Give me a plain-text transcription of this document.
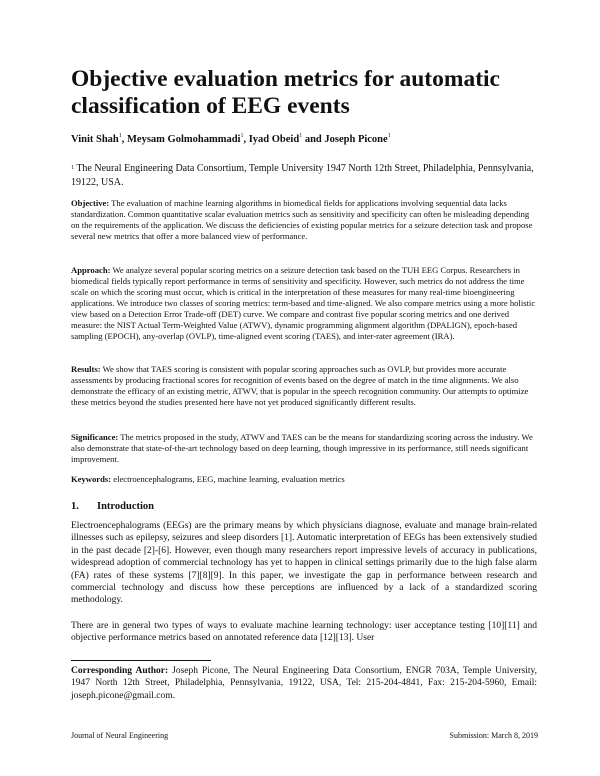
Objective evaluation metrics for automatic classification of EEG events
Vinit Shah$^1$, Meysam Golmohammadi$^1$, Iyad Obeid$^1$ and Joseph Picone$^1$
$^1$ The Neural Engineering Data Consortium, Temple University 1947 North 12th Street, Philadelphia, Pennsylvania, 19122, USA.

Objective: The evaluation of machine learning algorithms in biomedical fields for applications involving sequential data lacks standardization. Common quantitative scalar evaluation metrics such as sensitivity and specificity can often be misleading depending on the requirements of the application. We discuss the deficiencies of existing popular metrics for a seizure detection task and propose several new metrics that offer a more balanced view of performance.

Approach: We analyze several popular scoring metrics on a seizure detection task based on the TUH EEG Corpus. Researchers in biomedical fields typically report performance in terms of sensitivity and specificity. However, such metrics do not address the time scale on which the scoring must occur, which is critical in the interpretation of these measures for many real-time bioengineering applications. We introduce two classes of scoring metrics: term-based and time-aligned. We also compare metrics using a more holistic view based on a Detection Error Trade-off (DET) curve. We compare and contrast five popular scoring metrics and one derived measure: the NIST Actual Term-Weighted Value (ATWV), dynamic programming alignment algorithm (DPALIGN), epoch-based sampling (EPOCH), any-overlap (OVLP), time-aligned event scoring (TAES), and inter-rater agreement (IRA).

Results: We show that TAES scoring is consistent with popular scoring approaches such as OVLP, but provides more accurate assessments by producing fractional scores for recognition of events based on the degree of match in the time alignments. We also demonstrate the efficacy of an existing metric, ATWV, that is popular in the speech recognition community. Our attempts to optimize these metrics beyond the studies presented here have not yet produced significantly different results.

Significance: The metrics proposed in the study, ATWV and TAES can be the means for standardizing scoring across the industry. We also demonstrate that state-of-the-art technology based on deep learning, though impressive in its performance, still needs significant improvement.

Keywords: electroencephalograms, EEG, machine learning, evaluation metrics

1. Introduction

Electroencephalograms (EEGs) are the primary means by which physicians diagnose, evaluate and manage brain-related illnesses such as epilepsy, seizures and sleep disorders [1]. Automatic interpretation of EEGs has been extensively studied in the past decade [2]-[6]. However, even though many researchers report impressive levels of accuracy in publications, widespread adoption of commercial technology has yet to happen in clinical settings primarily due to the high false alarm (FA) rates of these systems [7][8][9]. In this paper, we investigate the gap in performance between research and commercial technology and discuss how these perceptions are influenced by a lack of a standardized scoring methodology.

There are in general two types of ways to evaluate machine learning technology: user acceptance testing [10][11] and objective performance metrics based on annotated reference data [12][13]. User

Corresponding Author: Joseph Picone, The Neural Engineering Data Consortium, ENGR 703A, Temple University, 1947 North 12th Street, Philadelphia, Pennsylvania, 19122, USA, Tel: 215-204-4841, Fax: 215-204-5960, Email: joseph.picone@gmail.com.
Journal of Neural Engineering	Submission: March 8, 2019
